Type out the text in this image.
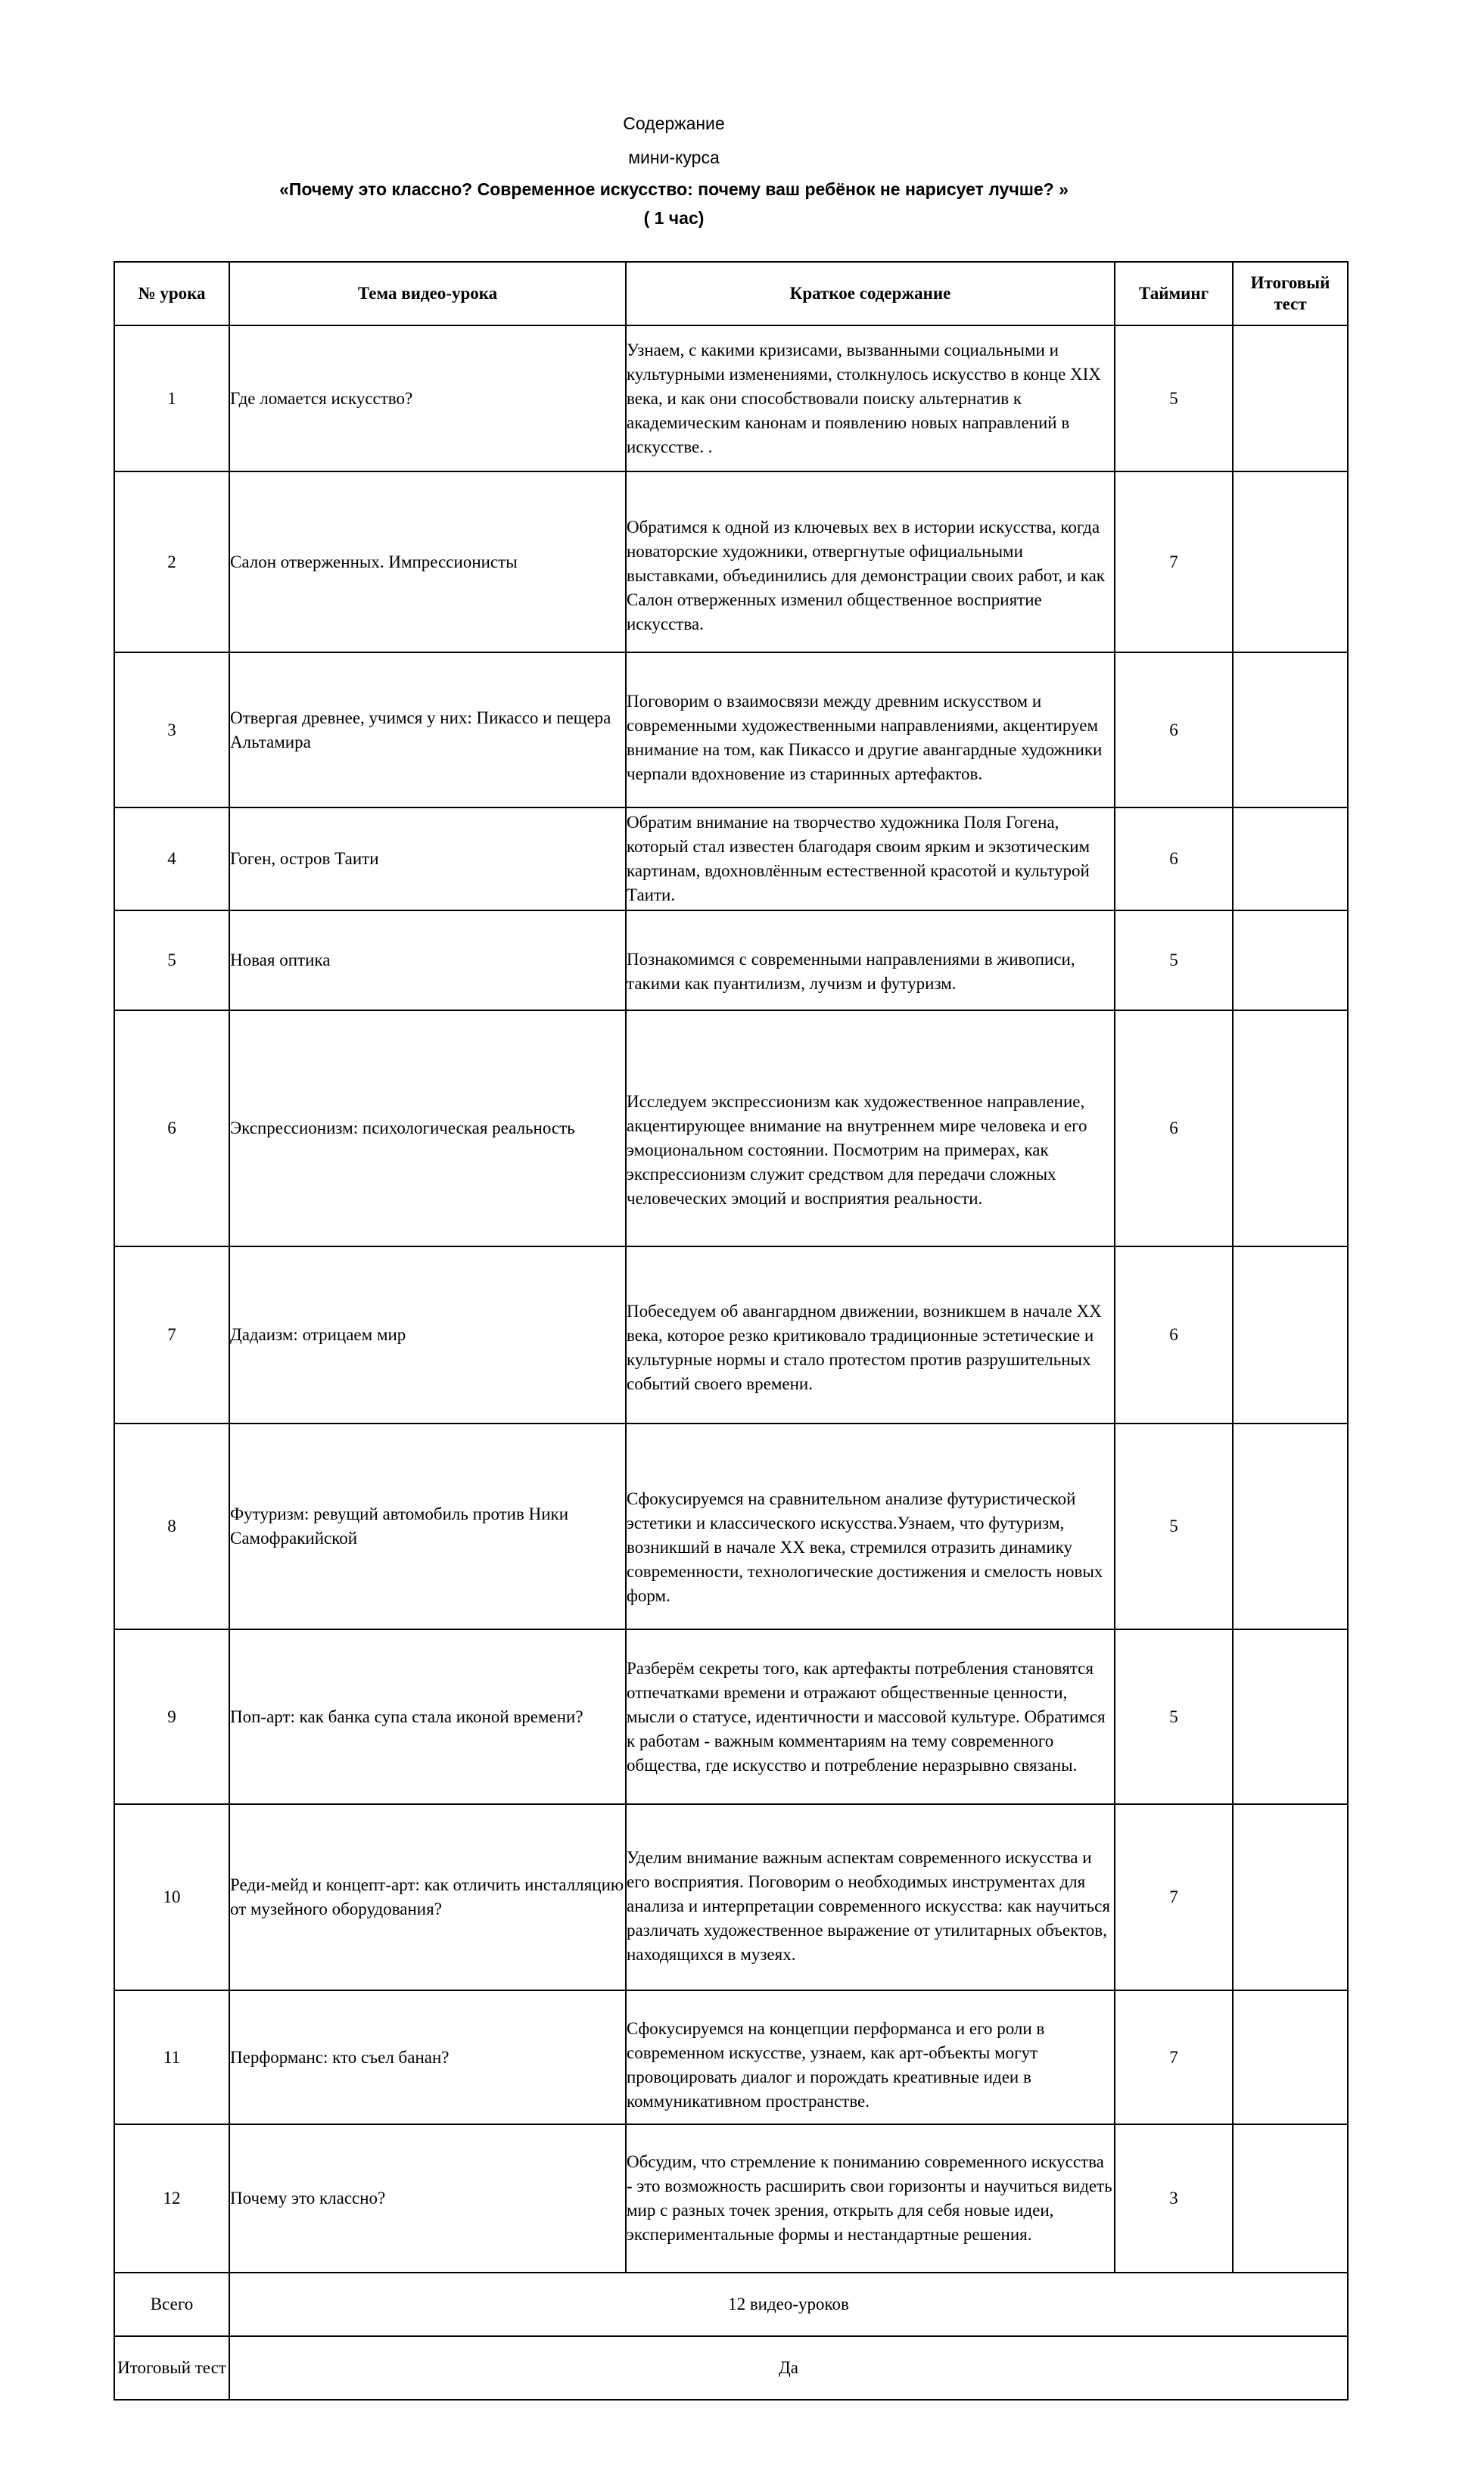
Содержание
мини-курса
«Почему это классно? Современное искусство: почему ваш ребёнок не нарисует лучше? »
( 1 час)
№ урока	Тема видео-урока	Краткое содержание	Тайминг	Итоговый тест
1	Где ломается искусство?	Узнаем, с какими кризисами, вызванными социальными и культурными изменениями, столкнулось искусство в конце XIX века, и как они способствовали поиску альтернатив к академическим канонам и появлению новых направлений в искусстве. .	5	
2	Салон отверженных. Импрессионисты	Обратимся к одной из ключевых вех в истории искусства, когда новаторские художники, отвергнутые официальными выставками, объединились для демонстрации своих работ, и как Салон отверженных изменил общественное восприятие искусства.	7	
3	Отвергая древнее, учимся у них: Пикассо и пещера Альтамира	Поговорим о взаимосвязи между древним искусством и современными художественными направлениями, акцентируем внимание на том, как Пикассо и другие авангардные художники черпали вдохновение из старинных артефактов.	6	
4	Гоген, остров Таити	Обратим внимание на творчество художника Поля Гогена, который стал известен благодаря своим ярким и экзотическим картинам, вдохновлённым естественной красотой и культурой Таити.	6	
5	Новая оптика	Познакомимся с современными направлениями в живописи, такими как пуантилизм, лучизм и футуризм.	5	
6	Экспрессионизм: психологическая реальность	Исследуем экспрессионизм как художественное направление, акцентирующее внимание на внутреннем мире человека и его эмоциональном состоянии. Посмотрим на примерах, как экспрессионизм служит средством для передачи сложных человеческих эмоций и восприятия реальности.	6	
7	Дадаизм: отрицаем мир	Побеседуем об авангардном движении, возникшем в начале XX века, которое резко критиковало традиционные эстетические и культурные нормы и стало протестом против разрушительных событий своего времени.	6	
8	Футуризм: ревущий автомобиль против Ники Самофракийской	Сфокусируемся на сравнительном анализе футуристической эстетики и классического искусства.Узнаем, что футуризм, возникший в начале XX века, стремился отразить динамику современности, технологические достижения и смелость новых форм.	5	
9	Поп-арт: как банка супа стала иконой времени?	Разберём секреты того, как артефакты потребления становятся отпечатками времени и отражают общественные ценности, мысли о статусе, идентичности и массовой культуре. Обратимся к работам - важным комментариям на тему современного общества, где искусство и потребление неразрывно связаны.	5	
10	Реди-мейд и концепт-арт: как отличить инсталляцию от музейного оборудования?	Уделим внимание важным аспектам современного искусства и его восприятия. Поговорим о необходимых инструментах для анализа и интерпретации современного искусства: как научиться различать художественное выражение от утилитарных объектов, находящихся в музеях.	7	
11	Перформанс: кто съел банан?	Сфокусируемся на концепции перформанса и его роли в современном искусстве, узнаем, как арт-объекты могут провоцировать диалог и порождать креативные идеи в коммуникативном пространстве.	7	
12	Почему это классно?	Обсудим, что стремление к пониманию современного искусства - это возможность расширить свои горизонты и научиться видеть мир с разных точек зрения, открыть для себя новые идеи, экспериментальные формы и нестандартные решения.	3	
Всего	12 видео-уроков			
Итоговый тест	Да			
